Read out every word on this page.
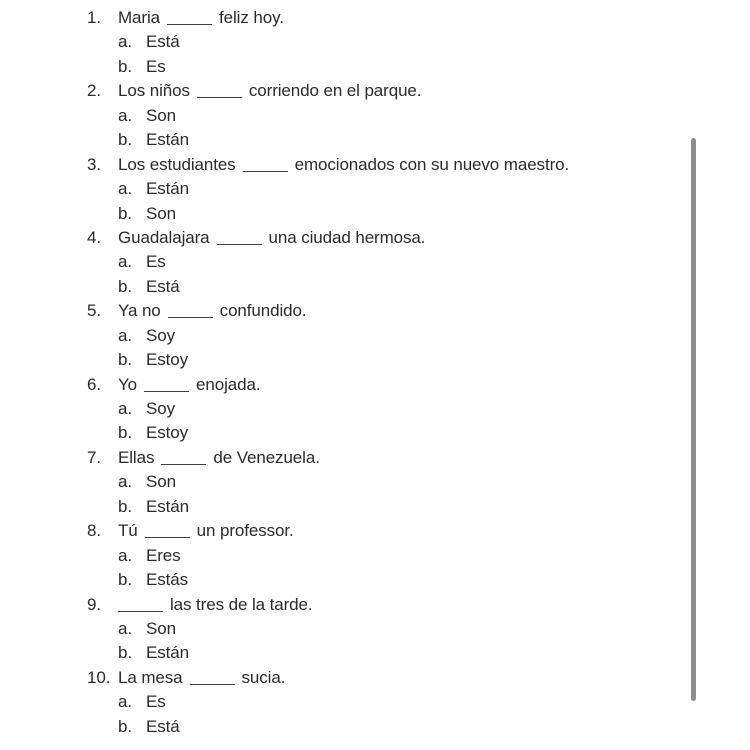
1. Maria	feliz hoy.
a. Está
b. Es
2. Los niños	corriendo en el parque.
a. Son
b. Están
3. Los estudiantes	emocionados con su nuevo maestro.
a. Están
b. Son
4. Guadalajara	una ciudad hermosa.
a. Es
b. Está
5. Ya no	confundido.
a. Soy
b. Estoy
6. Yo	enojada.
a. Soy
b. Estoy
7. Ellas	de Venezuela.
a. Son
b. Están
8. Tú	un professor.
a. Eres
b. Estás
9.	las tres de la tarde.
a. Son
b. Están
10. La mesa	sucia.
a. Es
b. Está
